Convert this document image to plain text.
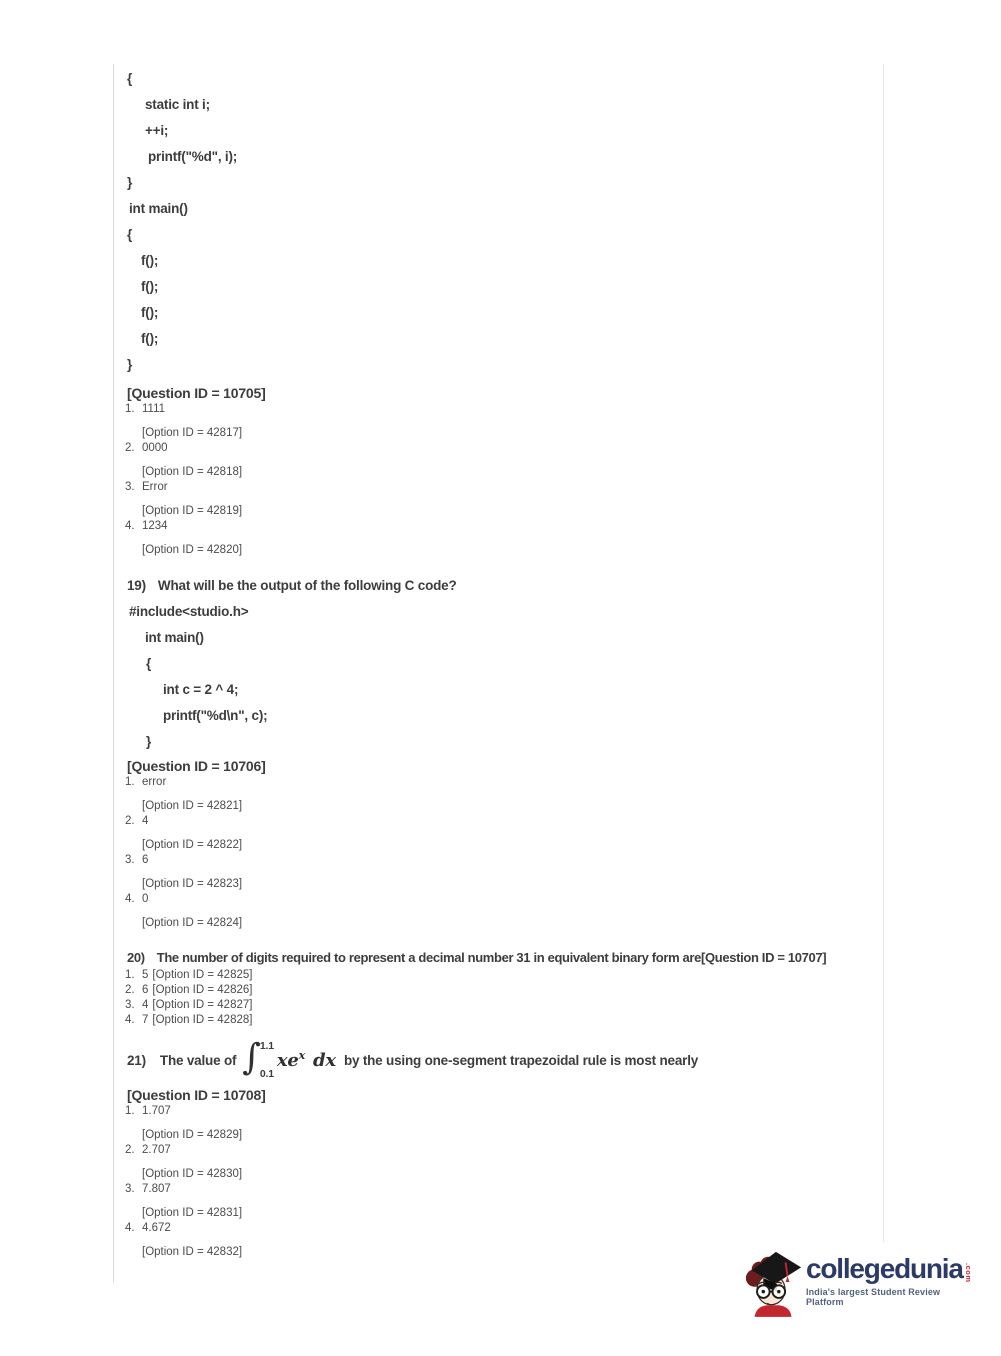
{
static int i;
++i;
printf("%d", i);
}
int main()
{
f();
f();
f();
f();
}
[Question ID = 10705]
1. 1111
[Option ID = 42817]
2. 0000
[Option ID = 42818]
3. Error
[Option ID = 42819]
4. 1234
[Option ID = 42820]
19) What will be the output of the following C code?
#include<studio.h>
int main()
{
int c = 2 ^ 4;
printf("%d\n", c);
}
[Question ID = 10706]
1. error
[Option ID = 42821]
2. 4
[Option ID = 42822]
3. 6
[Option ID = 42823]
4. 0
[Option ID = 42824]
20) The number of digits required to represent a decimal number 31 in equivalent binary form are[Question ID = 10707]
1. 5 [Option ID = 42825]
2. 6 [Option ID = 42826]
3. 4 [Option ID = 42827]
4. 7 [Option ID = 42828]
21) The value of ∫ 1.1
0.1
$xe^x$ dx by the using one-segment trapezoidal rule is most nearly
[Question ID = 10708]
1. 1.707
[Option ID = 42829]
2. 2.707
[Option ID = 42830]
3. 7.807
[Option ID = 42831]
4. 4.672
[Option ID = 42832]
collegedunia .com
India's largest Student Review Platform
